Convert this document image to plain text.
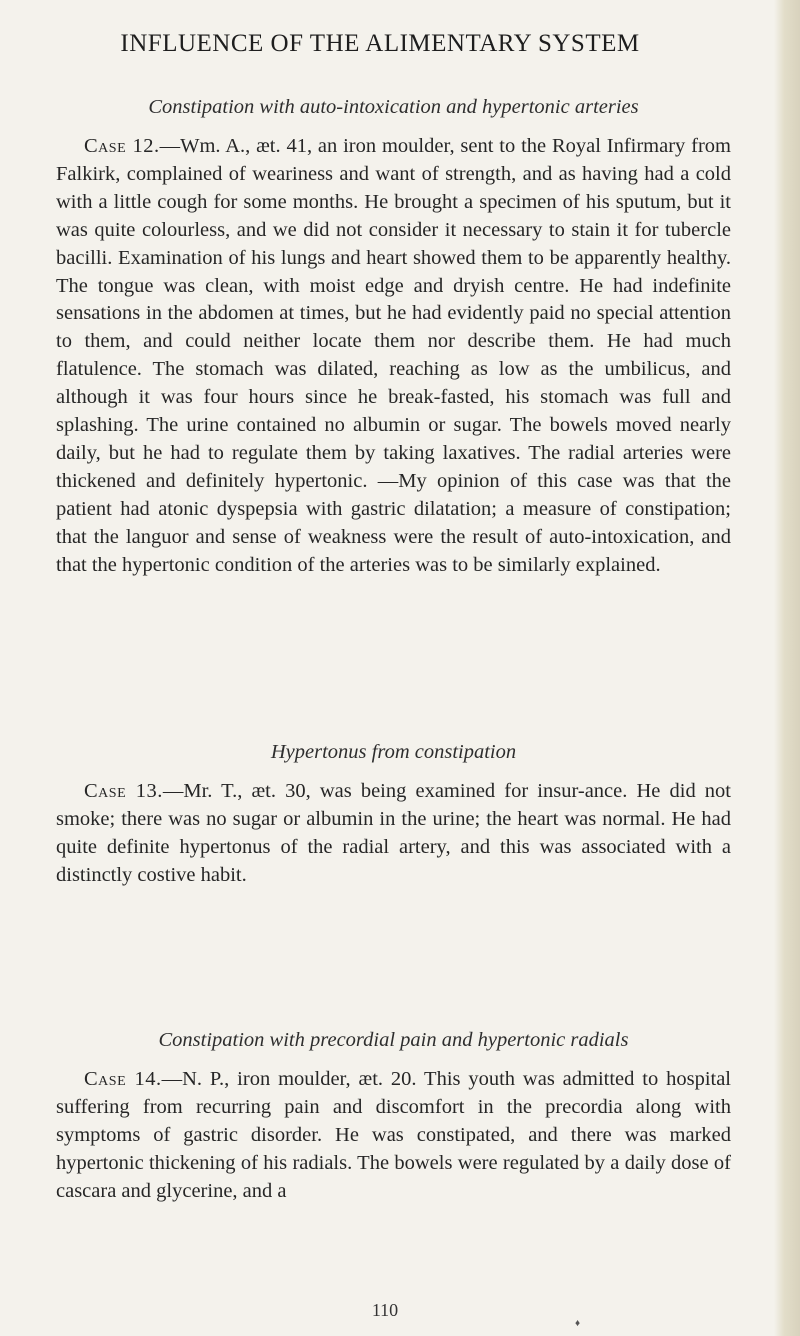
INFLUENCE OF THE ALIMENTARY SYSTEM
Constipation with auto-intoxication and hypertonic arteries
Case 12.—Wm. A., æt. 41, an iron moulder, sent to the Royal Infirmary from Falkirk, complained of weariness and want of strength, and as having had a cold with a little cough for some months. He brought a specimen of his sputum, but it was quite colourless, and we did not consider it necessary to stain it for tubercle bacilli. Examination of his lungs and heart showed them to be apparently healthy. The tongue was clean, with moist edge and dryish centre. He had indefinite sensations in the abdomen at times, but he had evidently paid no special attention to them, and could neither locate them nor describe them. He had much flatulence. The stomach was dilated, reaching as low as the umbilicus, and although it was four hours since he break-fasted, his stomach was full and splashing. The urine contained no albumin or sugar. The bowels moved nearly daily, but he had to regulate them by taking laxatives. The radial arteries were thickened and definitely hypertonic. —My opinion of this case was that the patient had atonic dyspepsia with gastric dilatation; a measure of constipation; that the languor and sense of weakness were the result of auto-intoxication, and that the hypertonic condition of the arteries was to be similarly explained.
Hypertonus from constipation
Case 13.—Mr. T., æt. 30, was being examined for insur-ance. He did not smoke; there was no sugar or albumin in the urine; the heart was normal. He had quite definite hypertonus of the radial artery, and this was associated with a distinctly costive habit.
Constipation with precordial pain and hypertonic radials
Case 14.—N. P., iron moulder, æt. 20. This youth was admitted to hospital suffering from recurring pain and discomfort in the precordia along with symptoms of gastric disorder. He was constipated, and there was marked hypertonic thickening of his radials. The bowels were regulated by a daily dose of cascara and glycerine, and a
110
♦
